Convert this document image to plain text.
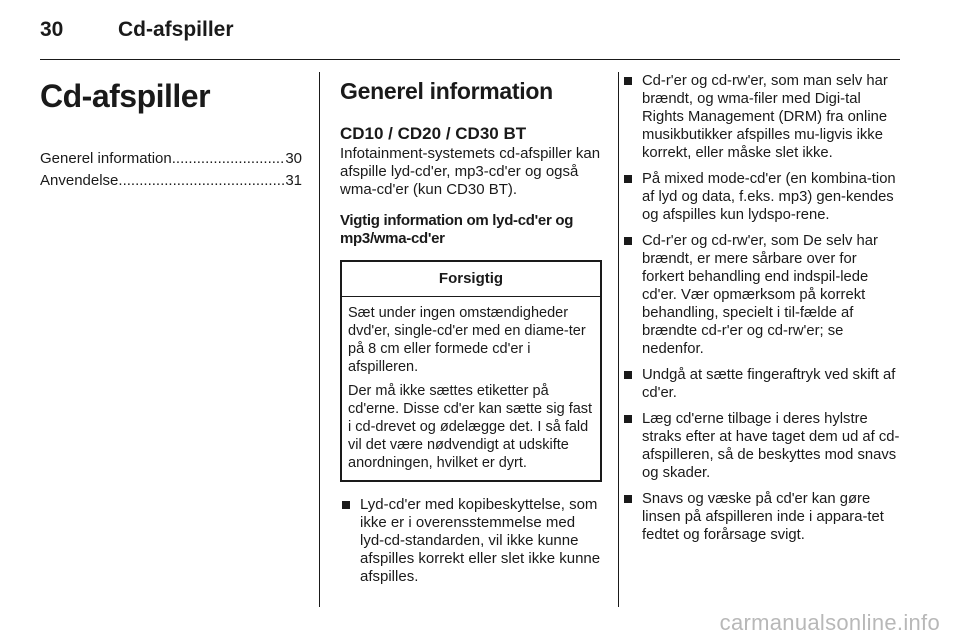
30	Cd-afspiller
Cd-afspiller
Generel information .....	30
Anvendelse .....	31
Generel information
CD10 / CD20 / CD30 BT

Infotainment-systemets cd-afspiller kan afspille lyd-cd'er, mp3-cd'er og også wma-cd'er (kun CD30 BT).

Vigtig information om lyd-cd'er og mp3/wma-cd'er
Forsigtig

Sæt under ingen omstændigheder dvd'er, single-cd'er med en diame-ter på 8 cm eller formede cd'er i afspilleren.

Der må ikke sættes etiketter på cd'erne. Disse cd'er kan sætte sig fast i cd-drevet og ødelægge det. I så fald vil det være nødvendigt at udskifte anordningen, hvilket er dyrt.

Lyd-cd'er med kopibeskyttelse, som ikke er i overensstemmelse med lyd-cd-standarden, vil ikke kunne afspilles korrekt eller slet ikke kunne afspilles.
Cd-r'er og cd-rw'er, som man selv har brændt, og wma-filer med Digi-tal Rights Management (DRM) fra online musikbutikker afspilles mu-ligvis ikke korrekt, eller måske slet ikke.
På mixed mode-cd'er (en kombina-tion af lyd og data, f.eks. mp3) gen-kendes og afspilles kun lydspo-rene.
Cd-r'er og cd-rw'er, som De selv har brændt, er mere sårbare over for forkert behandling end indspil-lede cd'er. Vær opmærksom på korrekt behandling, specielt i til-fælde af brændte cd-r'er og cd-rw'er; se nedenfor.
Undgå at sætte fingeraftryk ved skift af cd'er.
Læg cd'erne tilbage i deres hylstre straks efter at have taget dem ud af cd-afspilleren, så de beskyttes mod snavs og skader.
Snavs og væske på cd'er kan gøre linsen på afspilleren inde i appara-tet fedtet og forårsage svigt.
carmanualsonline.info
